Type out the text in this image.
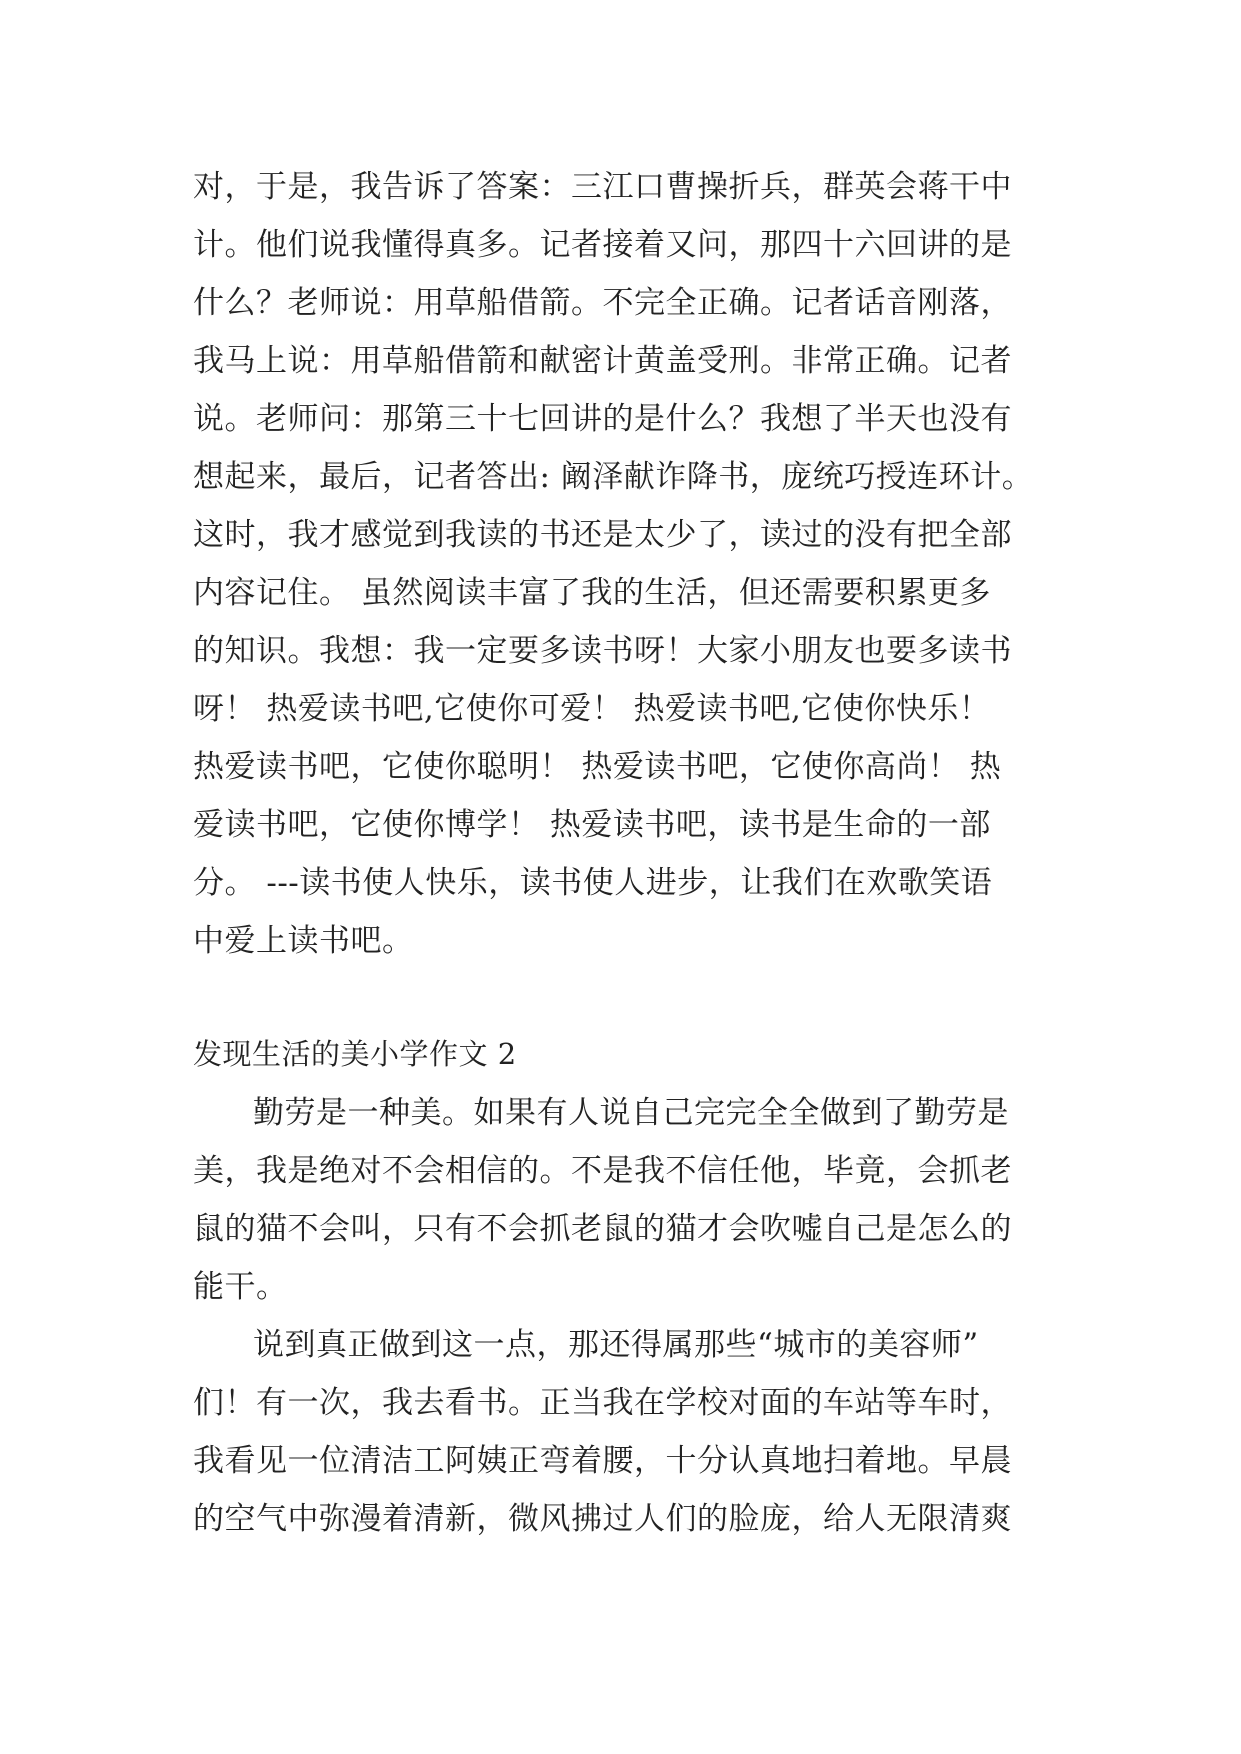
对，于是，我告诉了答案：三江口曹操折兵，群英会蒋干中
计。他们说我懂得真多。记者接着又问，那四十六回讲的是
什么？老师说：用草船借箭。不完全正确。记者话音刚落，
我马上说：用草船借箭和献密计黄盖受刑。非常正确。记者
说。老师问：那第三十七回讲的是什么？我想了半天也没有
想起来，最后，记者答出: 阚泽献诈降书，庞统巧授连环计。
这时，我才感觉到我读的书还是太少了，读过的没有把全部
内容记住。 虽然阅读丰富了我的生活，但还需要积累更多
的知识。我想：我一定要多读书呀！大家小朋友也要多读书
呀！ 热爱读书吧,它使你可爱！ 热爱读书吧,它使你快乐！
热爱读书吧，它使你聪明！ 热爱读书吧，它使你高尚！ 热
爱读书吧，它使你博学！ 热爱读书吧，读书是生命的一部
分。 ---读书使人快乐，读书使人进步，让我们在欢歌笑语
中爱上读书吧。
发现生活的美小学作文 2
勤劳是一种美。如果有人说自己完完全全做到了勤劳是
美，我是绝对不会相信的。不是我不信任他，毕竟，会抓老
鼠的猫不会叫，只有不会抓老鼠的猫才会吹嘘自己是怎么的
能干。
说到真正做到这一点，那还得属那些“城市的美容师”
们！有一次，我去看书。正当我在学校对面的车站等车时，
我看见一位清洁工阿姨正弯着腰，十分认真地扫着地。早晨
的空气中弥漫着清新，微风拂过人们的脸庞，给人无限清爽
